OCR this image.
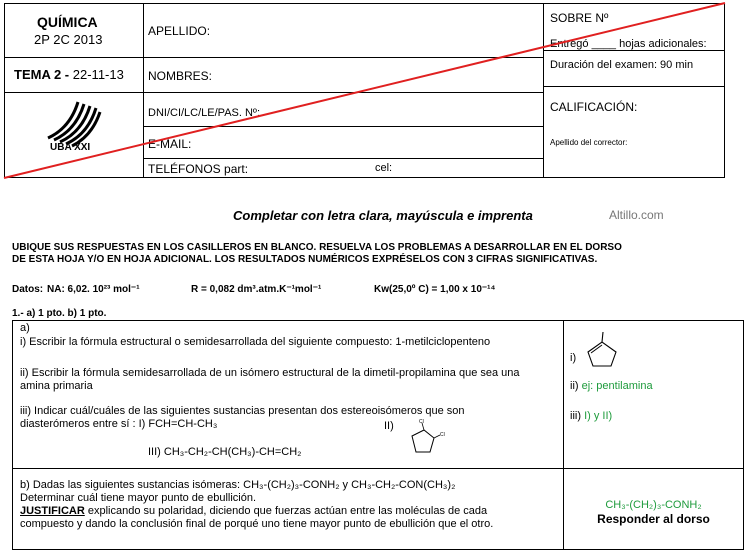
QUÍMICA
2P 2C 2013
TEMA 2 - 22-11-13
UBA XXI
APELLIDO:
NOMBRES:
DNI/CI/LC/LE/PAS. Nº:
E-MAIL:
TELÉFONOS part:	cel:
SOBRE Nº
Entregó ____ hojas adicionales:
Duración del examen: 90 min
CALIFICACIÓN:
Apellido del corrector:
Completar con letra clara, mayúscula e imprenta	Altillo.com
UBIQUE SUS RESPUESTAS EN LOS CASILLEROS EN BLANCO. RESUELVA LOS PROBLEMAS A DESARROLLAR EN EL DORSO
DE ESTA HOJA Y/O EN HOJA ADICIONAL. LOS RESULTADOS NUMÉRICOS EXPRÉSELOS CON 3 CIFRAS SIGNIFICATIVAS.
Datos: NA: 6,02. 10²³ mol⁻¹	R = 0,082 dm³.atm.K⁻¹mol⁻¹	Kw(25,0º C) = 1,00 x 10⁻¹⁴
1.- a) 1 pto. b) 1 pto.
a)
i) Escribir la fórmula estructural o semidesarrollada del siguiente compuesto: 1-metilciclopenteno
ii) Escribir la fórmula semidesarrollada de un isómero estructural de la dimetil-propilamina que sea una
amina primaria
iii) Indicar cuál/cuáles de las siguientes sustancias presentan dos estereoisómeros que son
diasterómeros entre sí : I) FCH=CH-CH₃	II)	Cl
Cl
III) CH₃-CH₂-CH(CH₃)-CH=CH₂
i)
ii) ej: pentilamina
iii) I) y II)
b) Dadas las siguientes sustancias isómeras: CH₃-(CH₂)₃-CONH₂ y CH₃-CH₂-CON(CH₃)₂
Determinar cuál tiene mayor punto de ebullición.
JUSTIFICAR explicando su polaridad, diciendo que fuerzas actúan entre las moléculas de cada
compuesto y dando la conclusión final de porqué uno tiene mayor punto de ebullición que el otro.
CH₃-(CH₂)₃-CONH₂
Responder al dorso
